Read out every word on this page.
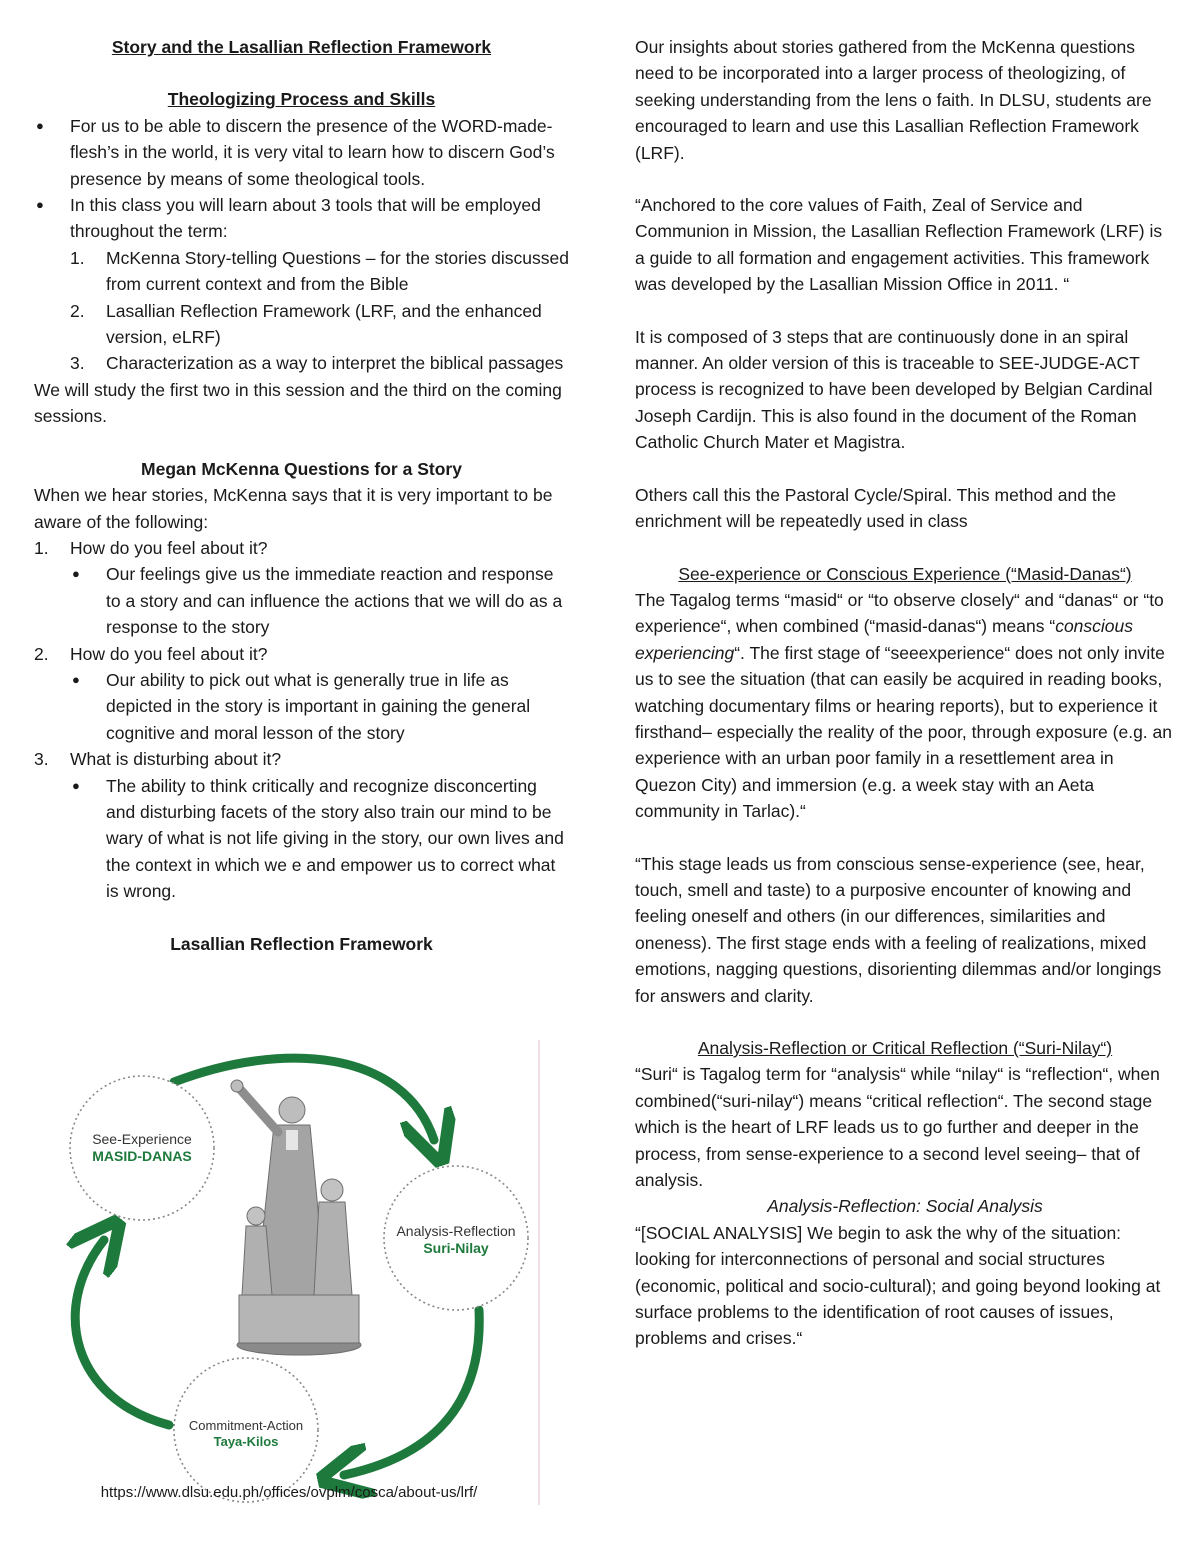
Story and the Lasallian Reflection Framework

Theologizing Process and Skills

● For us to be able to discern the presence of the WORD-made-flesh’s in the world, it is very vital to learn how to discern God’s presence by means of some theological tools.
● In this class you will learn about 3 tools that will be employed throughout the term:
1. McKenna Story-telling Questions – for the stories discussed from current context and from the Bible
2. Lasallian Reflection Framework (LRF, and the enhanced version, eLRF)
3. Characterization as a way to interpret the biblical passages

We will study the first two in this session and the third on the coming sessions.

Megan McKenna Questions for a Story

When we hear stories, McKenna says that it is very important to be aware of the following:

1. How do you feel about it?
● Our feelings give us the immediate reaction and response to a story and can influence the actions that we will do as a response to the story
2. How do you feel about it?
● Our ability to pick out what is generally true in life as depicted in the story is important in gaining the general cognitive and moral lesson of the story
3. What is disturbing about it?
● The ability to think critically and recognize disconcerting and disturbing facets of the story also train our mind to be wary of what is not life giving in the story, our own lives and the context in which we e and empower us to correct what is wrong.

Lasallian Reflection Framework

See-Experience
MASID-DANAS
Analysis-Reflection
Suri-Nilay
Commitment-Action
Taya-Kilos
https://www.dlsu.edu.ph/offices/ovplm/cosca/about-us/lrf/

Our insights about stories gathered from the McKenna questions need to be incorporated into a larger process of theologizing, of seeking understanding from the lens o faith. In DLSU, students are encouraged to learn and use this Lasallian Reflection Framework (LRF).

“Anchored to the core values of Faith, Zeal of Service and Communion in Mission, the Lasallian Reflection Framework (LRF) is a guide to all formation and engagement activities. This framework was developed by the Lasallian Mission Office in 2011. “

It is composed of 3 steps that are continuously done in an spiral manner. An older version of this is traceable to SEE-JUDGE-ACT process is recognized to have been developed by Belgian Cardinal Joseph Cardijn. This is also found in the document of the Roman Catholic Church Mater et Magistra.

Others call this the Pastoral Cycle/Spiral. This method and the enrichment will be repeatedly used in class

See-experience or Conscious Experience (“Masid-Danas“)

The Tagalog terms “masid“ or “to observe closely“ and “danas“ or “to experience“, when combined (“masid-danas“) means “conscious experiencing“. The first stage of “seeexperience“ does not only invite us to see the situation (that can easily be acquired in reading books, watching documentary films or hearing reports), but to experience it firsthand– especially the reality of the poor, through exposure (e.g. an experience with an urban poor family in a resettlement area in Quezon City) and immersion (e.g. a week stay with an Aeta community in Tarlac).“

“This stage leads us from conscious sense-experience (see, hear, touch, smell and taste) to a purposive encounter of knowing and feeling oneself and others (in our differences, similarities and oneness). The first stage ends with a feeling of realizations, mixed emotions, nagging questions, disorienting dilemmas and/or longings for answers and clarity.

Analysis-Reflection or Critical Reflection (“Suri-Nilay“)

“Suri“ is Tagalog term for “analysis“ while “nilay“ is “reflection“, when combined(“suri-nilay“) means “critical reflection“. The second stage which is the heart of LRF leads us to go further and deeper in the process, from sense-experience to a second level seeing– that of analysis.

Analysis-Reflection: Social Analysis

“[SOCIAL ANALYSIS] We begin to ask the why of the situation: looking for interconnections of personal and social structures (economic, political and socio-cultural); and going beyond looking at surface problems to the identification of root causes of issues, problems and crises.“
